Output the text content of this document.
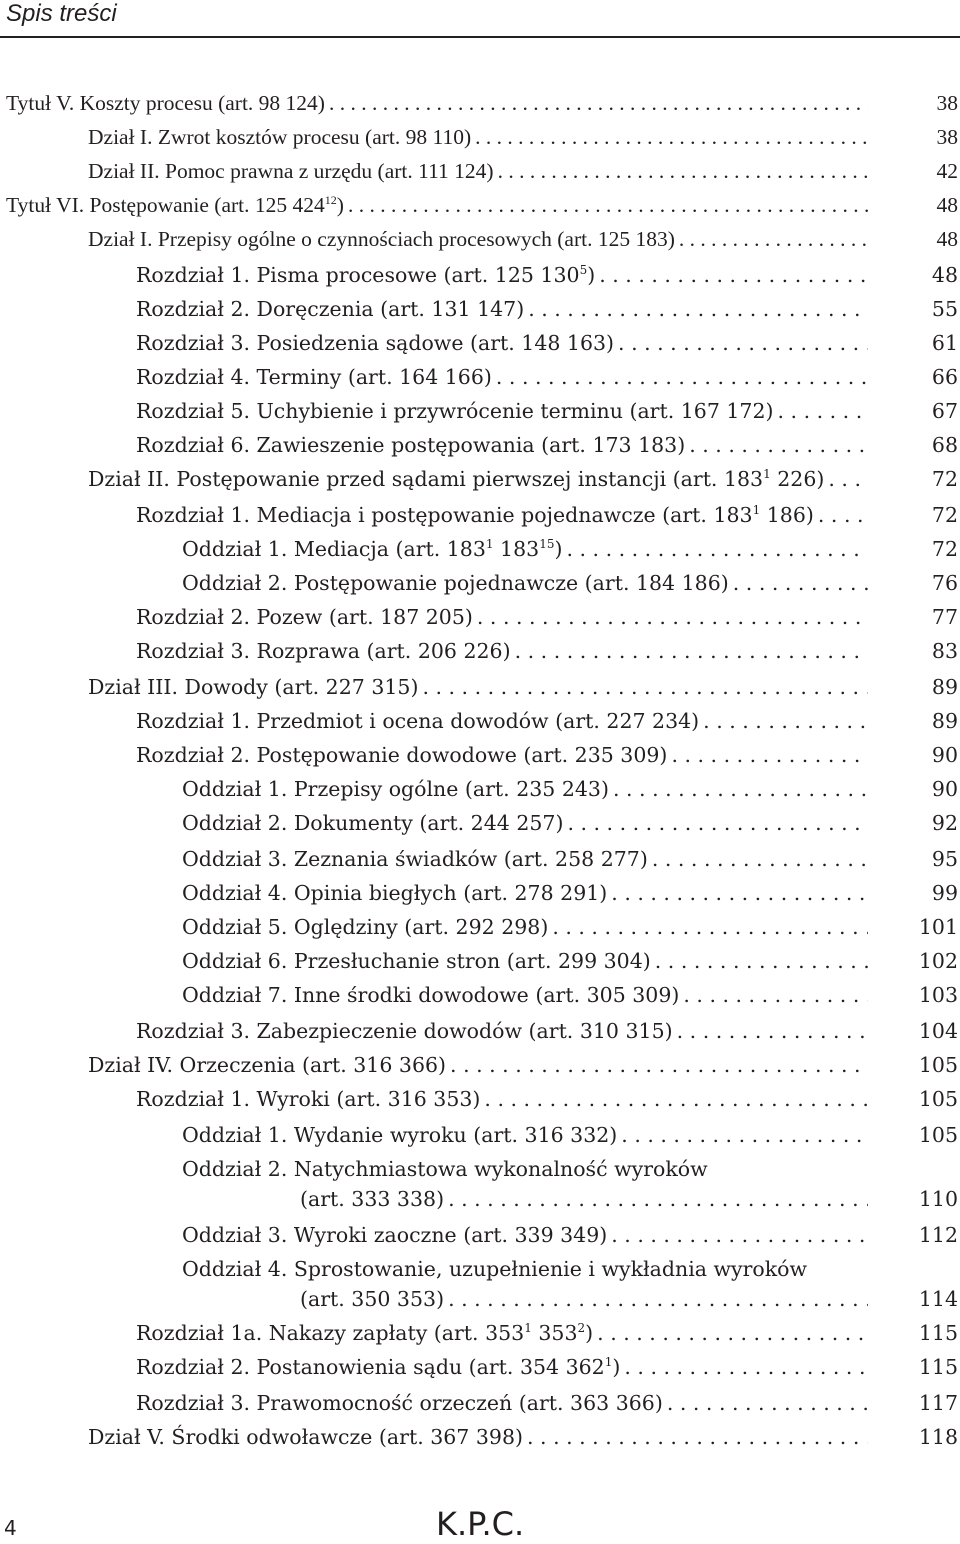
Spis treści
38
Tytuł V. Koszty procesu (art. 98 124)
. . .
38
Dział I. Zwrot kosztów procesu (art. 98 110)
. . .
42
Dział II. Pomoc prawna z urzędu (art. 111 124)
. . .
48
Tytuł VI. Postępowanie (art. 125 $424^{12}$)
. . .
48
Dział I. Przepisy ogólne o czynnościach procesowych (art. 125 183)
. . .
48
Rozdział 1. Pisma procesowe (art. 125 $130^5$)
. . .
55
Rozdział 2. Doręczenia (art. 131 147)
. . .
61
Rozdział 3. Posiedzenia sądowe (art. 148 163)
. . .
66
Rozdział 4. Terminy (art. 164 166)
. . .
67
Rozdział 5. Uchybienie i przywrócenie terminu (art. 167 172)
. . .
68
Rozdział 6. Zawieszenie postępowania (art. 173 183)
. . .
72
Dział II. Postępowanie przed sądami pierwszej instancji (art. $183^1$ 226)
. . .
72
Rozdział 1. Mediacja i postępowanie pojednawcze (art. $183^1$ 186)
. . .
72
Oddział 1. Mediacja (art. $183^1$ $183^{15}$)
. . .
76
Oddział 2. Postępowanie pojednawcze (art. 184 186)
. . .
77
Rozdział 2. Pozew (art. 187 205)
. . .
83
Rozdział 3. Rozprawa (art. 206 226)
. . .
89
Dział III. Dowody (art. 227 315)
. . .
89
Rozdział 1. Przedmiot i ocena dowodów (art. 227 234)
. . .
90
Rozdział 2. Postępowanie dowodowe (art. 235 309)
. . .
90
Oddział 1. Przepisy ogólne (art. 235 243)
. . .
92
Oddział 2. Dokumenty (art. 244 257)
. . .
95
Oddział 3. Zeznania świadków (art. 258 277)
. . .
99
Oddział 4. Opinia biegłych (art. 278 291)
. . .
101
Oddział 5. Oględziny (art. 292 298)
. . .
102
Oddział 6. Przesłuchanie stron (art. 299 304)
. . .
103
Oddział 7. Inne środki dowodowe (art. 305 309)
. . .
104
Rozdział 3. Zabezpieczenie dowodów (art. 310 315)
. . .
105
Dział IV. Orzeczenia (art. 316 366)
. . .
105
Rozdział 1. Wyroki (art. 316 353)
. . .
105
Oddział 1. Wydanie wyroku (art. 316 332)
. . .
Oddział 2. Natychmiastowa wykonalność wyroków
110
(art. 333 338)
. . .
112
Oddział 3. Wyroki zaoczne (art. 339 349)
. . .
Oddział 4. Sprostowanie, uzupełnienie i wykładnia wyroków
114
(art. 350 353)
. . .
115
Rozdział 1a. Nakazy zapłaty (art. $353^1$ $353^2$)
. . .
115
Rozdział 2. Postanowienia sądu (art. 354 $362^1$)
. . .
117
Rozdział 3. Prawomocność orzeczeń (art. 363 366)
. . .
118
Dział V. Środki odwoławcze (art. 367 398)
. . .
4	K.P.C.
